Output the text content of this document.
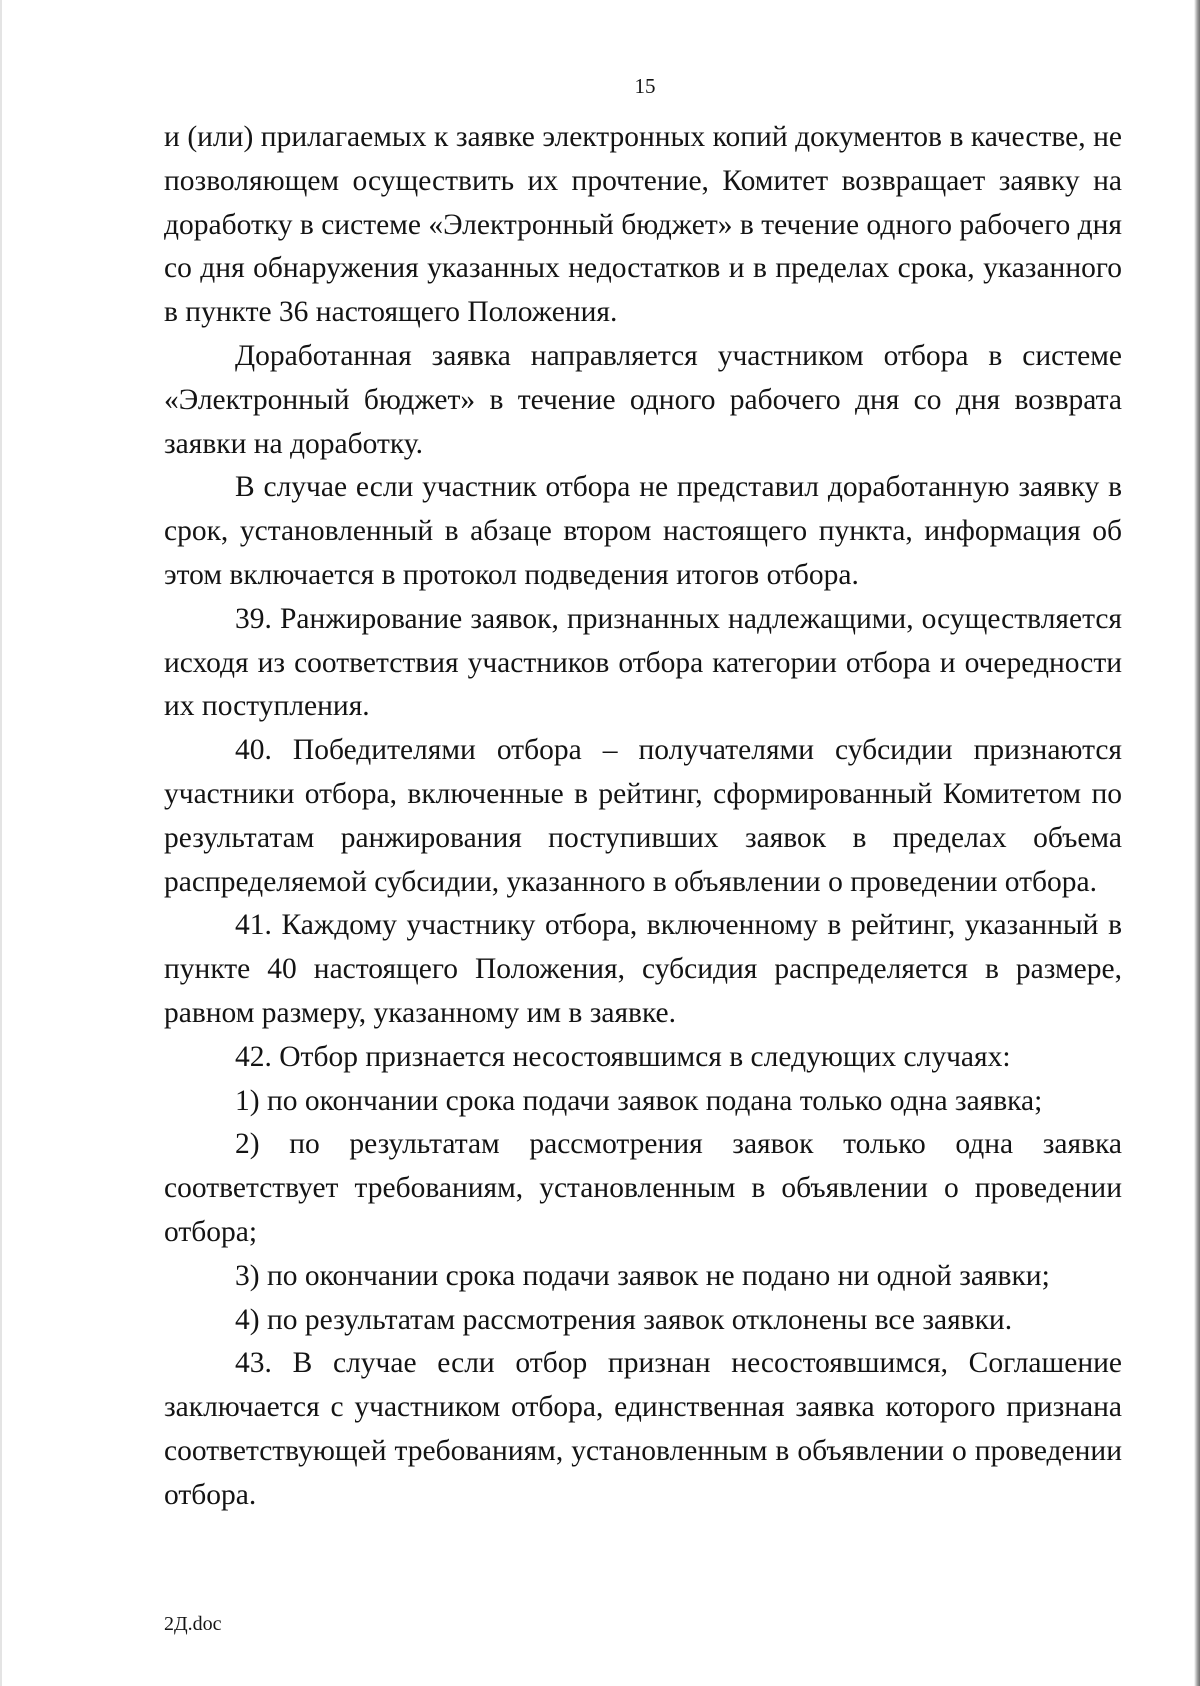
15

и (или) прилагаемых к заявке электронных копий документов в качестве, не позволяющем осуществить их прочтение, Комитет возвращает заявку на доработку в системе «Электронный бюджет» в течение одного рабочего дня со дня обнаружения указанных недостатков и в пределах срока, указанного в пункте 36 настоящего Положения.

Доработанная заявка направляется участником отбора в системе «Электронный бюджет» в течение одного рабочего дня со дня возврата заявки на доработку.

В случае если участник отбора не представил доработанную заявку в срок, установленный в абзаце втором настоящего пункта, информация об этом включается в протокол подведения итогов отбора.

39. Ранжирование заявок, признанных надлежащими, осуществляется исходя из соответствия участников отбора категории отбора и очередности их поступления.

40. Победителями отбора – получателями субсидии признаются участники отбора, включенные в рейтинг, сформированный Комитетом по результатам ранжирования поступивших заявок в пределах объема распределяемой субсидии, указанного в объявлении о проведении отбора.

41. Каждому участнику отбора, включенному в рейтинг, указанный в пункте 40 настоящего Положения, субсидия распределяется в размере, равном размеру, указанному им в заявке.

42. Отбор признается несостоявшимся в следующих случаях:

1) по окончании срока подачи заявок подана только одна заявка;

2) по результатам рассмотрения заявок только одна заявка соответствует требованиям, установленным в объявлении о проведении отбора;

3) по окончании срока подачи заявок не подано ни одной заявки;

4) по результатам рассмотрения заявок отклонены все заявки.

43. В случае если отбор признан несостоявшимся, Соглашение заключается с участником отбора, единственная заявка которого признана соответствующей требованиям, установленным в объявлении о проведении отбора.

2Д.doc
